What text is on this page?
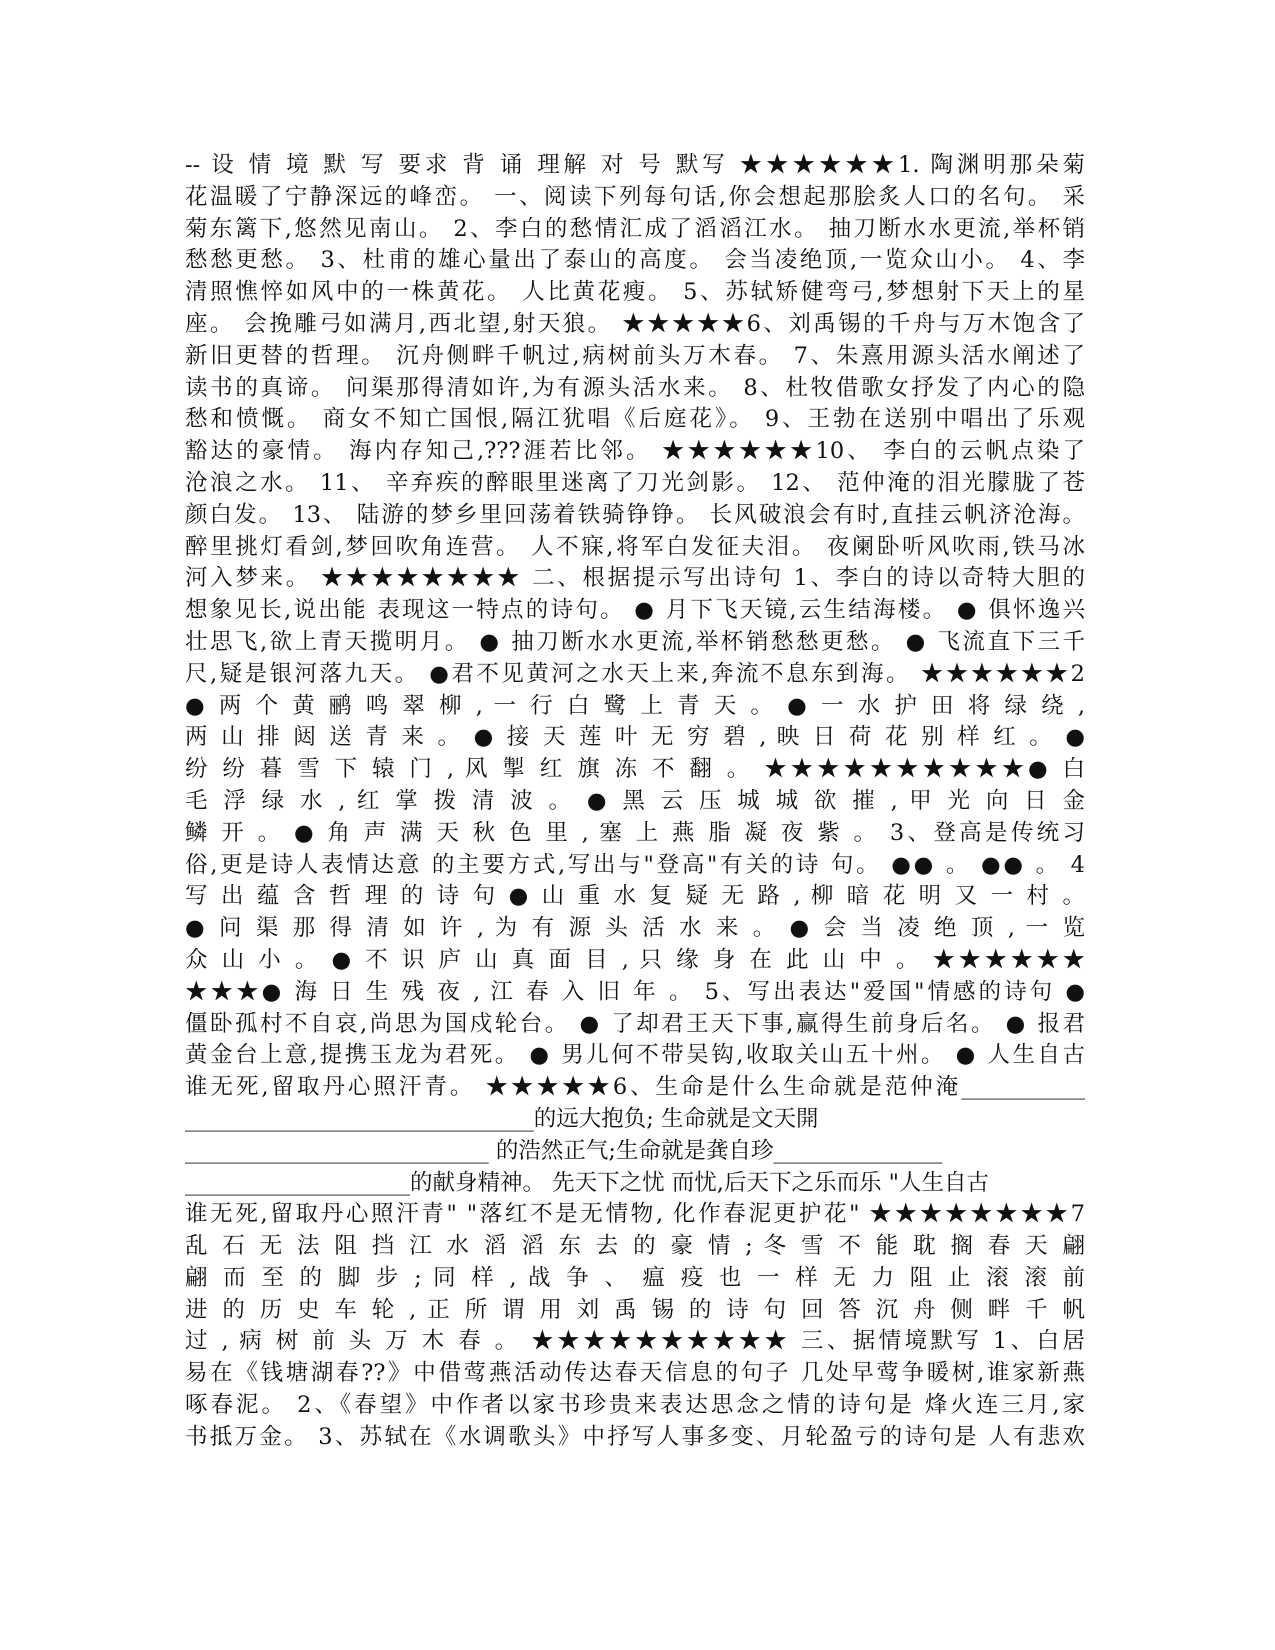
-- 设 情 境 默 写 要求 背 诵 理解 对 号 默写 ★★★★★★1. 陶渊明那朵菊
花温暖了宁静深远的峰峦。 一、阅读下列每句话,你会想起那脍炙人口的名句。 采
菊东篱下,悠然见南山。 2、李白的愁情汇成了滔滔江水。 抽刀断水水更流,举杯销
愁愁更愁。 3、杜甫的雄心量出了泰山的高度。 会当凌绝顶,一览众山小。 4、李
清照憔悴如风中的一株黄花。 人比黄花瘦。 5、苏轼矫健弯弓,梦想射下天上的星
座。 会挽雕弓如满月,西北望,射天狼。 ★★★★★6、刘禹锡的千舟与万木饱含了
新旧更替的哲理。 沉舟侧畔千帆过,病树前头万木春。 7、朱熹用源头活水阐述了
读书的真谛。 问渠那得清如许,为有源头活水来。 8、杜牧借歌女抒发了内心的隐
愁和愤慨。 商女不知亡国恨,隔江犹唱《后庭花》。 9、王勃在送别中唱出了乐观
豁达的豪情。 海内存知己,???涯若比邻。 ★★★★★★10、 李白的云帆点染了
沧浪之水。 11、 辛弃疾的醉眼里迷离了刀光剑影。 12、 范仲淹的泪光朦胧了苍
颜白发。 13、 陆游的梦乡里回荡着铁骑铮铮。 长风破浪会有时,直挂云帆济沧海。
醉里挑灯看剑,梦回吹角连营。 人不寐,将军白发征夫泪。 夜阑卧听风吹雨,铁马冰
河入梦来。 ★★★★★★★★ 二、根据提示写出诗句 1、李白的诗以奇特大胆的
想象见长,说出能 表现这一特点的诗句。 ● 月下飞天镜,云生结海楼。 ● 俱怀逸兴
壮思飞,欲上青天揽明月。 ● 抽刀断水水更流,举杯销愁愁更愁。 ● 飞流直下三千
尺,疑是银河落九天。 ●君不见黄河之水天上来,奔流不息东到海。 ★★★★★★2
● 两 个 黄 鹂 鸣 翠 柳 , 一 行 白 鹭 上 青 天 。 ● 一 水 护 田 将 绿 绕 ,
两 山 排 闼 送 青 来 。 ● 接 天 莲 叶 无 穷 碧 , 映 日 荷 花 别 样 红 。 ●
纷 纷 暮 雪 下 辕 门 , 风 掣 红 旗 冻 不 翻 。 ★★★★★★★★★★● 白
毛 浮 绿 水 , 红 掌 拨 清 波 。 ● 黑 云 压 城 城 欲 摧 , 甲 光 向 日 金
鳞 开 。 ● 角 声 满 天 秋 色 里 , 塞 上 燕 脂 凝 夜 紫 。 3、登高是传统习
俗,更是诗人表情达意 的主要方式,写出与"登高"有关的诗 句。 ●● 。 ●● 。 4
写 出 蕴 含 哲 理 的 诗 句 ● 山 重 水 复 疑 无 路 , 柳 暗 花 明 又 一 村 。
● 问 渠 那 得 清 如 许 , 为 有 源 头 活 水 来 。 ● 会 当 凌 绝 顶 , 一 览
众 山 小 。 ● 不 识 庐 山 真 面 目 , 只 缘 身 在 此 山 中 。 ★★★★★★
★★★● 海 日 生 残 夜 , 江 春 入 旧 年 。 5、写出表达"爱国"情感的诗句 ●
僵卧孤村不自哀,尚思为国戍轮台。 ● 了却君王天下事,赢得生前身后名。 ● 报君
黄金台上意,提携玉龙为君死。 ● 男儿何不带吴钩,收取关山五十州。 ● 人生自古
谁无死,留取丹心照汗青。 ★★★★★6、生命是什么生命就是范仲淹___________
_______________________________的远大抱负; 生命就是文天開
___________________________ 的浩然正气;生命就是龚自珍_______________
____________________的献身精神。 先天下之忧 而忧,后天下之乐而乐 "人生自古
谁无死,留取丹心照汗青" "落红不是无情物, 化作春泥更护花" ★★★★★★★★7
乱 石 无 法 阻 挡 江 水 滔 滔 东 去 的 豪 情 ; 冬 雪 不 能 耽 搁 春 天 翩
翩 而 至 的 脚 步 ; 同 样 , 战 争 、 瘟 疫 也 一 样 无 力 阻 止 滚 滚 前
进 的 历 史 车 轮 , 正 所 谓 用 刘 禹 锡 的 诗 句 回 答 沉 舟 侧 畔 千 帆
过 , 病 树 前 头 万 木 春 。 ★★★★★★★★★★ 三、据情境默写 1、白居
易在《钱塘湖春??》中借莺燕活动传达春天信息的句子 几处早莺争暖树,谁家新燕
啄春泥。 2、《春望》中作者以家书珍贵来表达思念之情的诗句是 烽火连三月,家
书抵万金。 3、苏轼在《水调歌头》中抒写人事多变、月轮盈亏的诗句是 人有悲欢
